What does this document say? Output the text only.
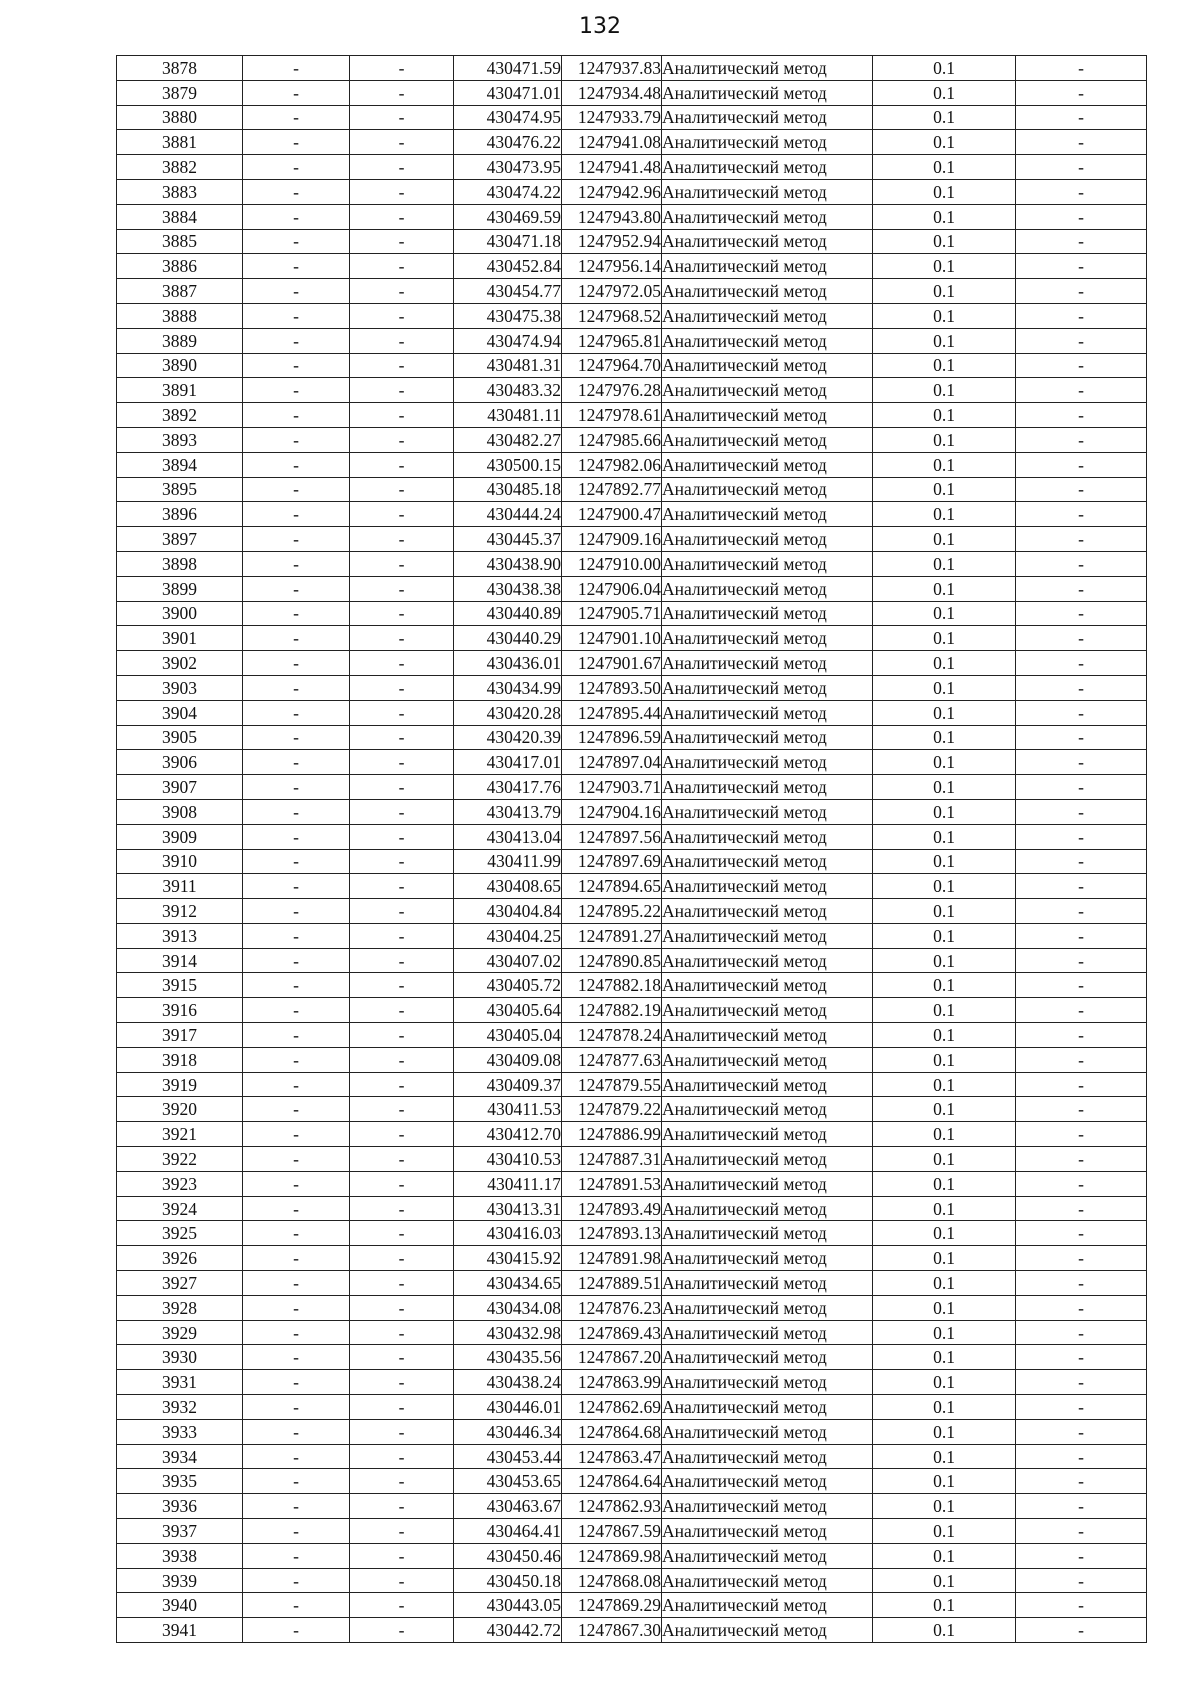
132
3878	-	-	430471.59	1247937.83	Аналитический метод	0.1	-
3879	-	-	430471.01	1247934.48	Аналитический метод	0.1	-
3880	-	-	430474.95	1247933.79	Аналитический метод	0.1	-
3881	-	-	430476.22	1247941.08	Аналитический метод	0.1	-
3882	-	-	430473.95	1247941.48	Аналитический метод	0.1	-
3883	-	-	430474.22	1247942.96	Аналитический метод	0.1	-
3884	-	-	430469.59	1247943.80	Аналитический метод	0.1	-
3885	-	-	430471.18	1247952.94	Аналитический метод	0.1	-
3886	-	-	430452.84	1247956.14	Аналитический метод	0.1	-
3887	-	-	430454.77	1247972.05	Аналитический метод	0.1	-
3888	-	-	430475.38	1247968.52	Аналитический метод	0.1	-
3889	-	-	430474.94	1247965.81	Аналитический метод	0.1	-
3890	-	-	430481.31	1247964.70	Аналитический метод	0.1	-
3891	-	-	430483.32	1247976.28	Аналитический метод	0.1	-
3892	-	-	430481.11	1247978.61	Аналитический метод	0.1	-
3893	-	-	430482.27	1247985.66	Аналитический метод	0.1	-
3894	-	-	430500.15	1247982.06	Аналитический метод	0.1	-
3895	-	-	430485.18	1247892.77	Аналитический метод	0.1	-
3896	-	-	430444.24	1247900.47	Аналитический метод	0.1	-
3897	-	-	430445.37	1247909.16	Аналитический метод	0.1	-
3898	-	-	430438.90	1247910.00	Аналитический метод	0.1	-
3899	-	-	430438.38	1247906.04	Аналитический метод	0.1	-
3900	-	-	430440.89	1247905.71	Аналитический метод	0.1	-
3901	-	-	430440.29	1247901.10	Аналитический метод	0.1	-
3902	-	-	430436.01	1247901.67	Аналитический метод	0.1	-
3903	-	-	430434.99	1247893.50	Аналитический метод	0.1	-
3904	-	-	430420.28	1247895.44	Аналитический метод	0.1	-
3905	-	-	430420.39	1247896.59	Аналитический метод	0.1	-
3906	-	-	430417.01	1247897.04	Аналитический метод	0.1	-
3907	-	-	430417.76	1247903.71	Аналитический метод	0.1	-
3908	-	-	430413.79	1247904.16	Аналитический метод	0.1	-
3909	-	-	430413.04	1247897.56	Аналитический метод	0.1	-
3910	-	-	430411.99	1247897.69	Аналитический метод	0.1	-
3911	-	-	430408.65	1247894.65	Аналитический метод	0.1	-
3912	-	-	430404.84	1247895.22	Аналитический метод	0.1	-
3913	-	-	430404.25	1247891.27	Аналитический метод	0.1	-
3914	-	-	430407.02	1247890.85	Аналитический метод	0.1	-
3915	-	-	430405.72	1247882.18	Аналитический метод	0.1	-
3916	-	-	430405.64	1247882.19	Аналитический метод	0.1	-
3917	-	-	430405.04	1247878.24	Аналитический метод	0.1	-
3918	-	-	430409.08	1247877.63	Аналитический метод	0.1	-
3919	-	-	430409.37	1247879.55	Аналитический метод	0.1	-
3920	-	-	430411.53	1247879.22	Аналитический метод	0.1	-
3921	-	-	430412.70	1247886.99	Аналитический метод	0.1	-
3922	-	-	430410.53	1247887.31	Аналитический метод	0.1	-
3923	-	-	430411.17	1247891.53	Аналитический метод	0.1	-
3924	-	-	430413.31	1247893.49	Аналитический метод	0.1	-
3925	-	-	430416.03	1247893.13	Аналитический метод	0.1	-
3926	-	-	430415.92	1247891.98	Аналитический метод	0.1	-
3927	-	-	430434.65	1247889.51	Аналитический метод	0.1	-
3928	-	-	430434.08	1247876.23	Аналитический метод	0.1	-
3929	-	-	430432.98	1247869.43	Аналитический метод	0.1	-
3930	-	-	430435.56	1247867.20	Аналитический метод	0.1	-
3931	-	-	430438.24	1247863.99	Аналитический метод	0.1	-
3932	-	-	430446.01	1247862.69	Аналитический метод	0.1	-
3933	-	-	430446.34	1247864.68	Аналитический метод	0.1	-
3934	-	-	430453.44	1247863.47	Аналитический метод	0.1	-
3935	-	-	430453.65	1247864.64	Аналитический метод	0.1	-
3936	-	-	430463.67	1247862.93	Аналитический метод	0.1	-
3937	-	-	430464.41	1247867.59	Аналитический метод	0.1	-
3938	-	-	430450.46	1247869.98	Аналитический метод	0.1	-
3939	-	-	430450.18	1247868.08	Аналитический метод	0.1	-
3940	-	-	430443.05	1247869.29	Аналитический метод	0.1	-
3941	-	-	430442.72	1247867.30	Аналитический метод	0.1	-
